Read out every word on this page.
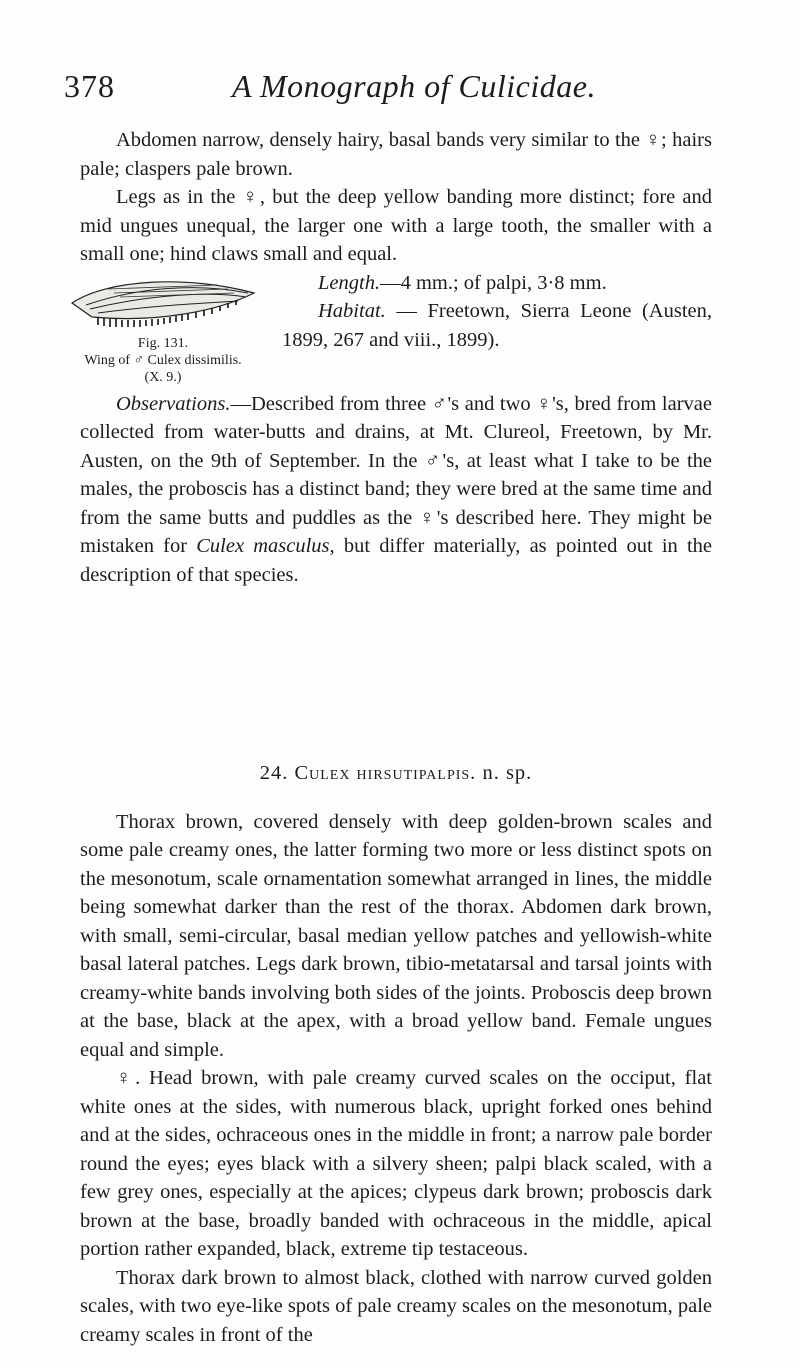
378	A Monograph of Culicidae.

Abdomen narrow, densely hairy, basal bands very similar to the ♀; hairs pale; claspers pale brown.

Legs as in the ♀, but the deep yellow banding more distinct; fore and mid ungues unequal, the larger one with a large tooth, the smaller with a small one; hind claws small and equal.

Fig. 131.
Wing of ♂ Culex dissimilis.
(X. 9.)

Length.—4 mm.; of palpi, 3·8 mm.

Habitat. — Freetown, Sierra Leone (Austen, 1899, 267 and viii., 1899).

Observations.—Described from three ♂'s and two ♀'s, bred from larvae collected from water-butts and drains, at Mt. Clureol, Freetown, by Mr. Austen, on the 9th of September. In the ♂'s, at least what I take to be the males, the proboscis has a distinct band; they were bred at the same time and from the same butts and puddles as the ♀'s described here. They might be mistaken for Culex masculus, but differ materially, as pointed out in the description of that species.

24. Culex hirsutipalpis. n. sp.

Thorax brown, covered densely with deep golden-brown scales and some pale creamy ones, the latter forming two more or less distinct spots on the mesonotum, scale ornamentation somewhat arranged in lines, the middle being somewhat darker than the rest of the thorax. Abdomen dark brown, with small, semi-circular, basal median yellow patches and yellowish-white basal lateral patches. Legs dark brown, tibio-metatarsal and tarsal joints with creamy-white bands involving both sides of the joints. Proboscis deep brown at the base, black at the apex, with a broad yellow band. Female ungues equal and simple.

♀. Head brown, with pale creamy curved scales on the occiput, flat white ones at the sides, with numerous black, upright forked ones behind and at the sides, ochraceous ones in the middle in front; a narrow pale border round the eyes; eyes black with a silvery sheen; palpi black scaled, with a few grey ones, especially at the apices; clypeus dark brown; proboscis dark brown at the base, broadly banded with ochraceous in the middle, apical portion rather expanded, black, extreme tip testaceous.

Thorax dark brown to almost black, clothed with narrow curved golden scales, with two eye-like spots of pale creamy scales on the mesonotum, pale creamy scales in front of the
